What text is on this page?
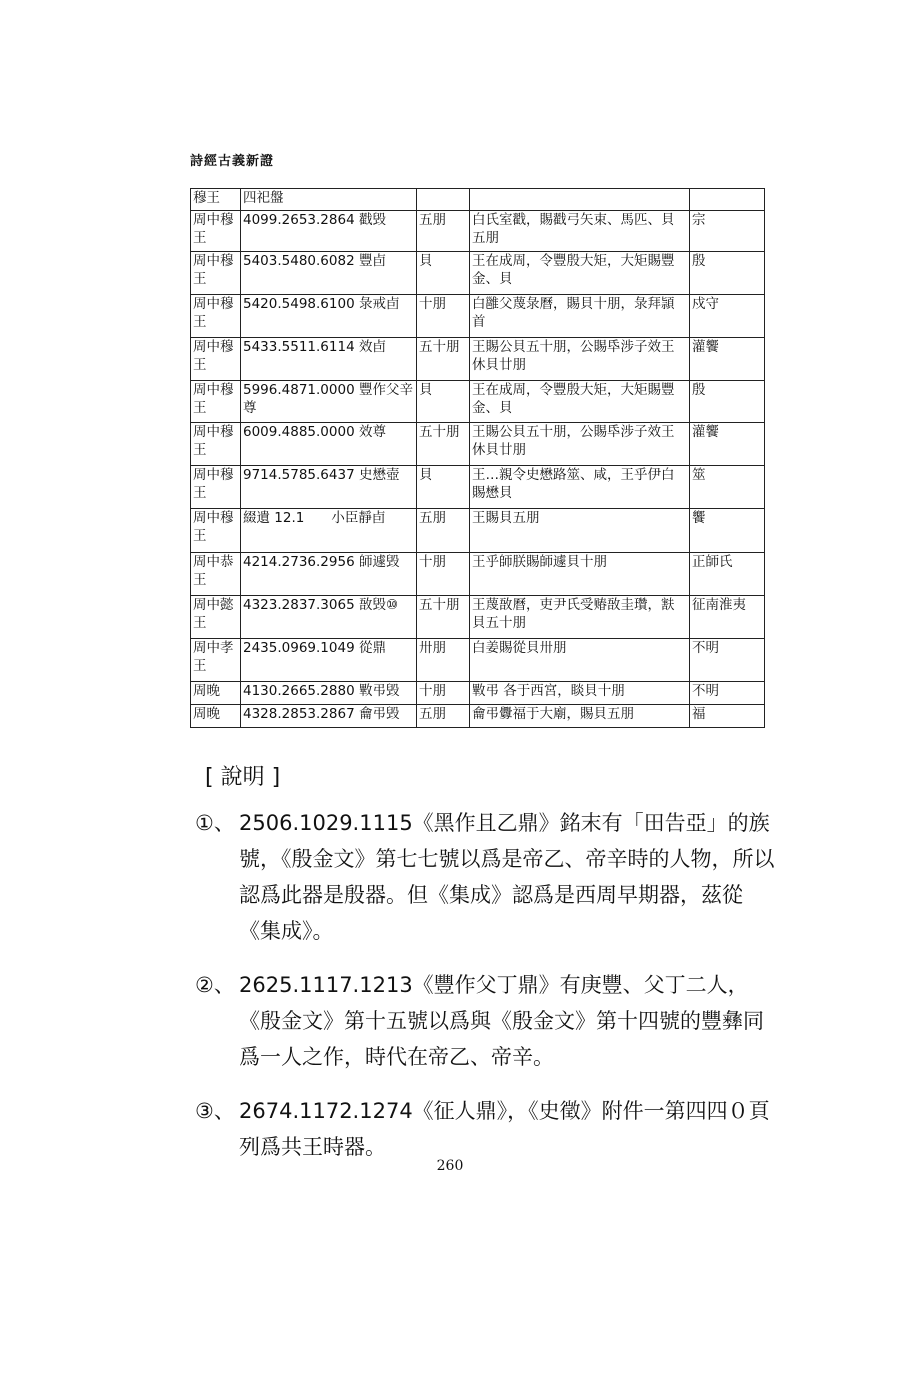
詩經古義新證
穆王	四祀盤			
周中穆王	4099.2653.2864 戳毁	五朋	白氏室戳，賜戳弓矢束、馬匹、貝五朋	宗
周中穆王	5403.5480.6082 豐卣	貝	王在成周，令豐殷大矩，大矩賜豐金、貝	殷
周中穆王	5420.5498.6100 彔戒卣	十朋	白雝父蔑彔曆，賜貝十朋，彔拜頴首	戍守
周中穆王	5433.5511.6114 效卣	五十朋	王賜公貝五十朋，公賜氒涉子效王休貝廿朋	灌饗
周中穆王	5996.4871.0000 豐作父辛尊	貝	王在成周，令豐殷大矩，大矩賜豐金、貝	殷
周中穆王	6009.4885.0000 效尊	五十朋	王賜公貝五十朋，公賜氒涉子效王休貝廿朋	灌饗
周中穆王	9714.5785.6437 史懋壺	貝	王…親令史懋路筮、咸，王乎伊白賜懋貝	筮
周中穆王	綴遺 12.1　　小臣靜卣	五朋	王賜貝五朋	饗
周中恭王	4214.2736.2956 師遽毁	十朋	王乎師朕賜師遽貝十朋	正師氏
周中懿王	4323.2837.3065 敔毁⑩	五十朋	王蔑敔曆，吏尹氏受䞐敔圭瓚，㝬貝五十朋	征南淮夷
周中孝王	2435.0969.1049 從鼎	卅朋	白姜賜從貝卅朋	不明
周晚	4130.2665.2880 㪤弔毁	十朋	㪤弔 各于西宮，睒貝十朋	不明
周晚	4328.2853.2867 龠弔毁	五朋	龠弔釁福于大廟，賜貝五朋	福
[ 說明 ]
①、 2506.1029.1115《黑作且乙鼎》銘末有「田告亞」的族號，《殷金文》第七七號以爲是帝乙、帝辛時的人物，所以認爲此器是殷器。但《集成》認爲是西周早期器，茲從《集成》。
②、 2625.1117.1213《豐作父丁鼎》有庚豐、父丁二人，《殷金文》第十五號以爲與《殷金文》第十四號的豐彝同爲一人之作，時代在帝乙、帝辛。
③、 2674.1172.1274《征人鼎》，《史徵》附件一第四四０頁列爲共王時器。
260
